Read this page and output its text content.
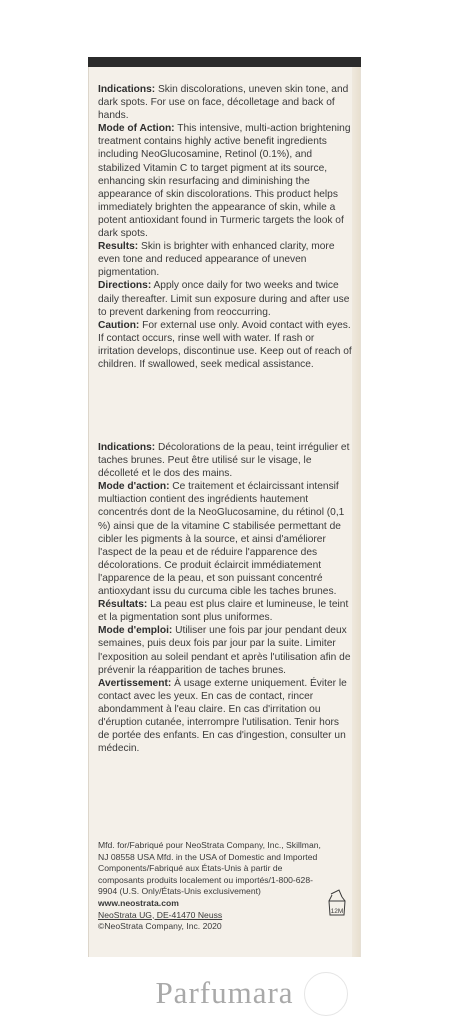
Indications: Skin discolorations, uneven skin tone, and dark spots. For use on face, décolletage and back of hands.

Mode of Action: This intensive, multi-action brightening treatment contains highly active benefit ingredients including NeoGlucosamine, Retinol (0.1%), and stabilized Vitamin C to target pigment at its source, enhancing skin resurfacing and diminishing the appearance of skin discolorations. This product helps immediately brighten the appearance of skin, while a potent antioxidant found in Turmeric targets the look of dark spots.

Results: Skin is brighter with enhanced clarity, more even tone and reduced appearance of uneven pigmentation.

Directions: Apply once daily for two weeks and twice daily thereafter. Limit sun exposure during and after use to prevent darkening from reoccurring.

Caution: For external use only. Avoid contact with eyes. If contact occurs, rinse well with water. If rash or irritation develops, discontinue use. Keep out of reach of children. If swallowed, seek medical assistance.

Indications: Décolorations de la peau, teint irrégulier et taches brunes. Peut être utilisé sur le visage, le décolleté et le dos des mains.

Mode d'action: Ce traitement et éclaircissant intensif multiaction contient des ingrédients hautement concentrés dont de la NeoGlucosamine, du rétinol (0,1 %) ainsi que de la vitamine C stabilisée permettant de cibler les pigments à la source, et ainsi d'améliorer l'aspect de la peau et de réduire l'apparence des décolorations. Ce produit éclaircit immédiatement l'apparence de la peau, et son puissant concentré antioxydant issu du curcuma cible les taches brunes.

Résultats: La peau est plus claire et lumineuse, le teint et la pigmentation sont plus uniformes.

Mode d'emploi: Utiliser une fois par jour pendant deux semaines, puis deux fois par jour par la suite. Limiter l'exposition au soleil pendant et après l'utilisation afin de prévenir la réapparition de taches brunes.

Avertissement: À usage externe uniquement. Éviter le contact avec les yeux. En cas de contact, rincer abondamment à l'eau claire. En cas d'irritation ou d'éruption cutanée, interrompre l'utilisation. Tenir hors de portée des enfants. En cas d'ingestion, consulter un médecin.

Mfd. for/Fabriqué pour NeoStrata Company, Inc., Skillman, NJ 08558 USA Mfd. in the USA of Domestic and Imported Components/Fabriqué aux États-Unis à partir de composants produits localement ou importés/1-800-628-9904 (U.S. Only/États-Unis exclusivement) www.neostrata.com

NeoStrata UG, DE-41470 Neuss

©NeoStrata Company, Inc. 2020

12M
Parfumara
